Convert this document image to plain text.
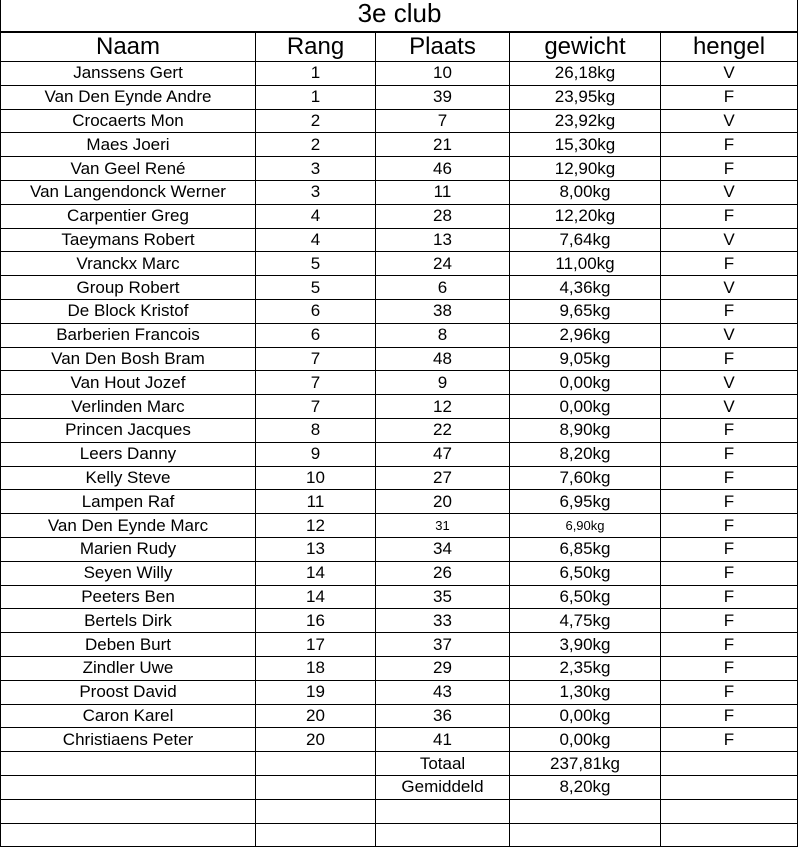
3e club
Naam	Rang	Plaats	gewicht	hengel
Janssens Gert	1	10	26,18kg	V
Van Den Eynde Andre	1	39	23,95kg	F
Crocaerts Mon	2	7	23,92kg	V
Maes Joeri	2	21	15,30kg	F
Van Geel René	3	46	12,90kg	F
Van Langendonck Werner	3	11	8,00kg	V
Carpentier Greg	4	28	12,20kg	F
Taeymans Robert	4	13	7,64kg	V
Vranckx Marc	5	24	11,00kg	F
Group Robert	5	6	4,36kg	V
De Block Kristof	6	38	9,65kg	F
Barberien Francois	6	8	2,96kg	V
Van Den Bosh Bram	7	48	9,05kg	F
Van Hout Jozef	7	9	0,00kg	V
Verlinden Marc	7	12	0,00kg	V
Princen Jacques	8	22	8,90kg	F
Leers Danny	9	47	8,20kg	F
Kelly Steve	10	27	7,60kg	F
Lampen Raf	11	20	6,95kg	F
Van Den Eynde Marc	12	31	6,90kg	F
Marien Rudy	13	34	6,85kg	F
Seyen Willy	14	26	6,50kg	F
Peeters Ben	14	35	6,50kg	F
Bertels Dirk	16	33	4,75kg	F
Deben Burt	17	37	3,90kg	F
Zindler Uwe	18	29	2,35kg	F
Proost David	19	43	1,30kg	F
Caron Karel	20	36	0,00kg	F
Christiaens Peter	20	41	0,00kg	F
		Totaal	237,81kg	
		Gemiddeld	8,20kg	
